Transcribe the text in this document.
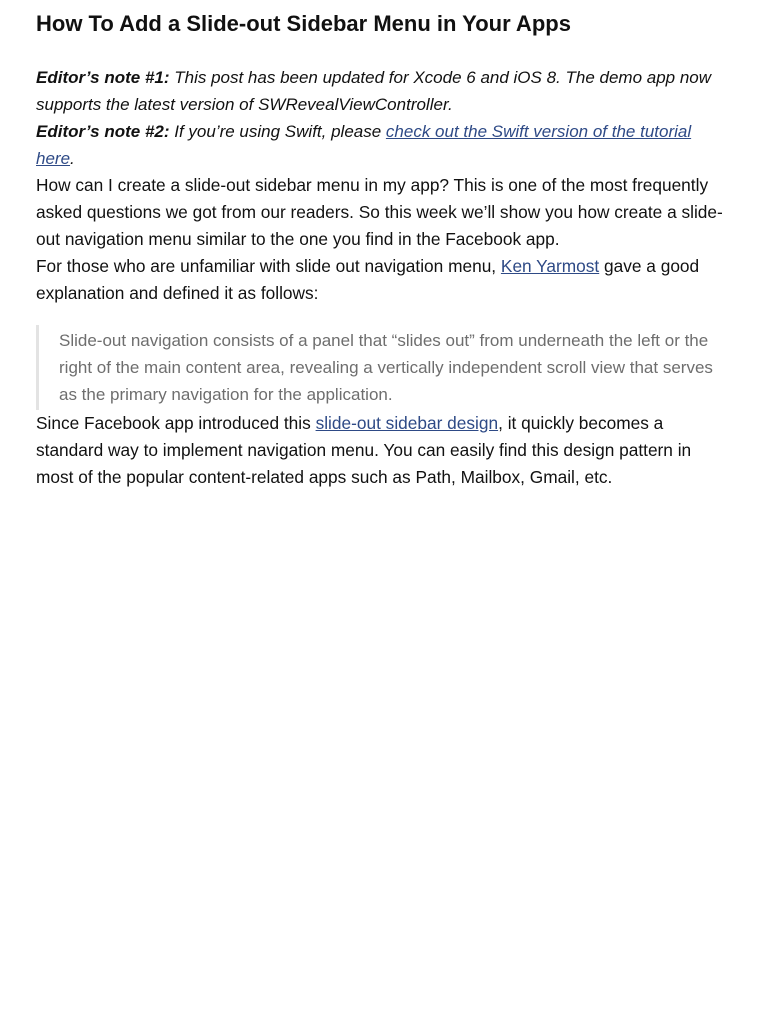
How To Add a Slide-out Sidebar Menu in Your Apps

Editor’s note #1: This post has been updated for Xcode 6 and iOS 8. The demo app now supports the latest version of SWRevealViewController.

Editor’s note #2: If you’re using Swift, please check out the Swift version of the tutorial here.

How can I create a slide-out sidebar menu in my app? This is one of the most frequently asked questions we got from our readers. So this week we’ll show you how create a slide-out navigation menu similar to the one you find in the Facebook app.

For those who are unfamiliar with slide out navigation menu, Ken Yarmost gave a good explanation and defined it as follows:

Slide-out navigation consists of a panel that “slides out” from underneath the left or the right of the main content area, revealing a vertically independent scroll view that serves as the primary navigation for the application.

Since Facebook app introduced this slide-out sidebar design, it quickly becomes a standard way to implement navigation menu. You can easily find this design pattern in most of the popular content-related apps such as Path, Mailbox, Gmail, etc.
